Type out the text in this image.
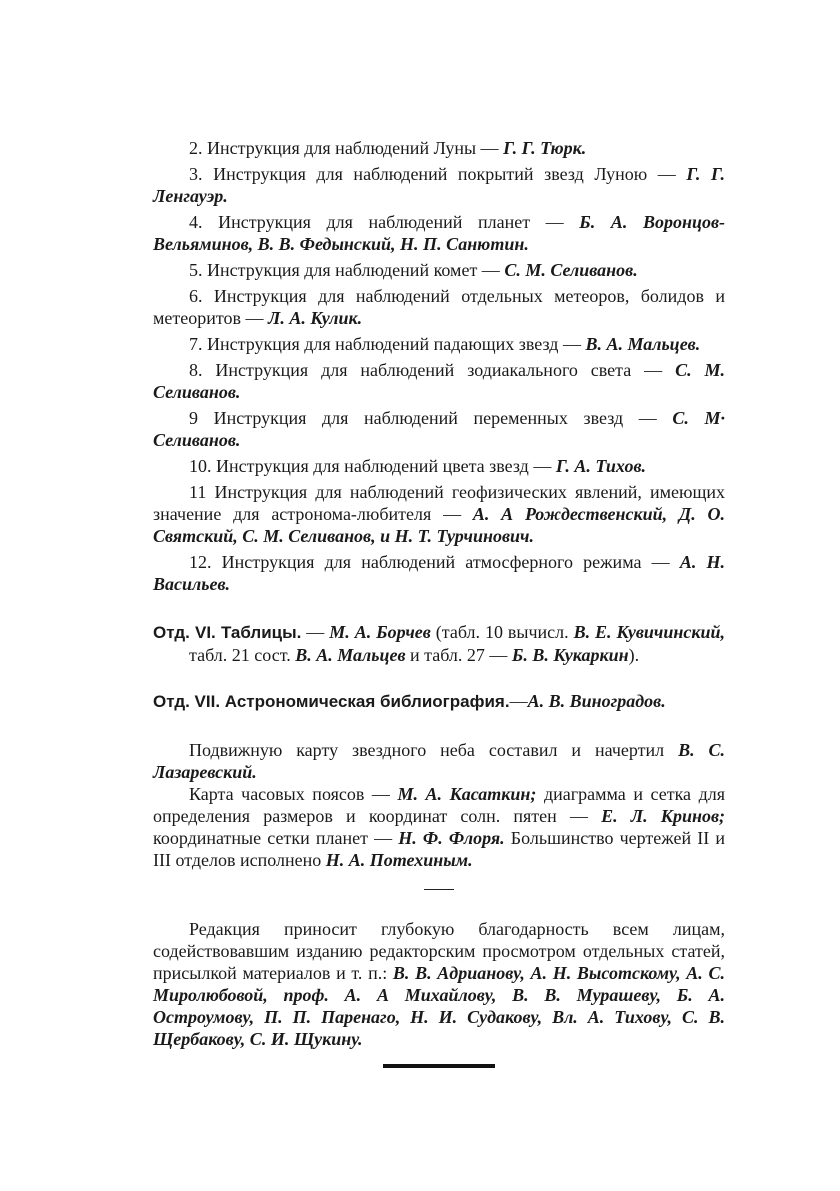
2. Инструкция для наблюдений Луны — Г. Г. Тюрк.

3. Инструкция для наблюдений покрытий звезд Луною — Г. Г. Ленгауэр.

4. Инструкция для наблюдений планет — Б. А. Воронцов-Вельяминов, В. В. Федынский, Н. П. Санютин.

5. Инструкция для наблюдений комет — С. М. Селиванов.

6. Инструкция для наблюдений отдельных метеоров, болидов и метеоритов — Л. А. Кулик.

7. Инструкция для наблюдений падающих звезд — В. А. Мальцев.

8. Инструкция для наблюдений зодиакального света — С. М. Селиванов.

9 Инструкция для наблюдений переменных звезд — С. М· Селиванов.

10. Инструкция для наблюдений цвета звезд — Г. А. Тихов.

11 Инструкция для наблюдений геофизических явлений, имеющих значение для астронома-любителя — А. А Рождественский, Д. О. Святский, С. М. Селиванов, и Н. Т. Турчинович.

12. Инструкция для наблюдений атмосферного режима — А. Н. Васильев.

Отд. VI. Таблицы. — М. А. Борчев (табл. 10 вычисл. В. Е. Кувичинский, табл. 21 сост. В. А. Мальцев и табл. 27 — Б. В. Кукаркин).

Отд. VII. Астрономическая библиография.—А. В. Виноградов.

Подвижную карту звездного неба составил и начертил В. С. Лазаревский.

Карта часовых поясов — М. А. Касаткин; диаграмма и сетка для определения размеров и координат солн. пятен — Е. Л. Кринов; координатные сетки планет — Н. Ф. Флоря. Большинство чертежей II и III отделов исполнено Н. А. Потехиным.

Редакция приносит глубокую благодарность всем лицам, содействовавшим изданию редакторским просмотром отдельных статей, присылкой материалов и т. п.: В. В. Адрианову, А. Н. Высотскому, А. С. Миролюбовой, проф. А. А Михайлову, В. В. Мурашеву, Б. А. Остроумову, П. П. Паренаго, Н. И. Судакову, Вл. А. Тихову, С. В. Щербакову, С. И. Щукину.
